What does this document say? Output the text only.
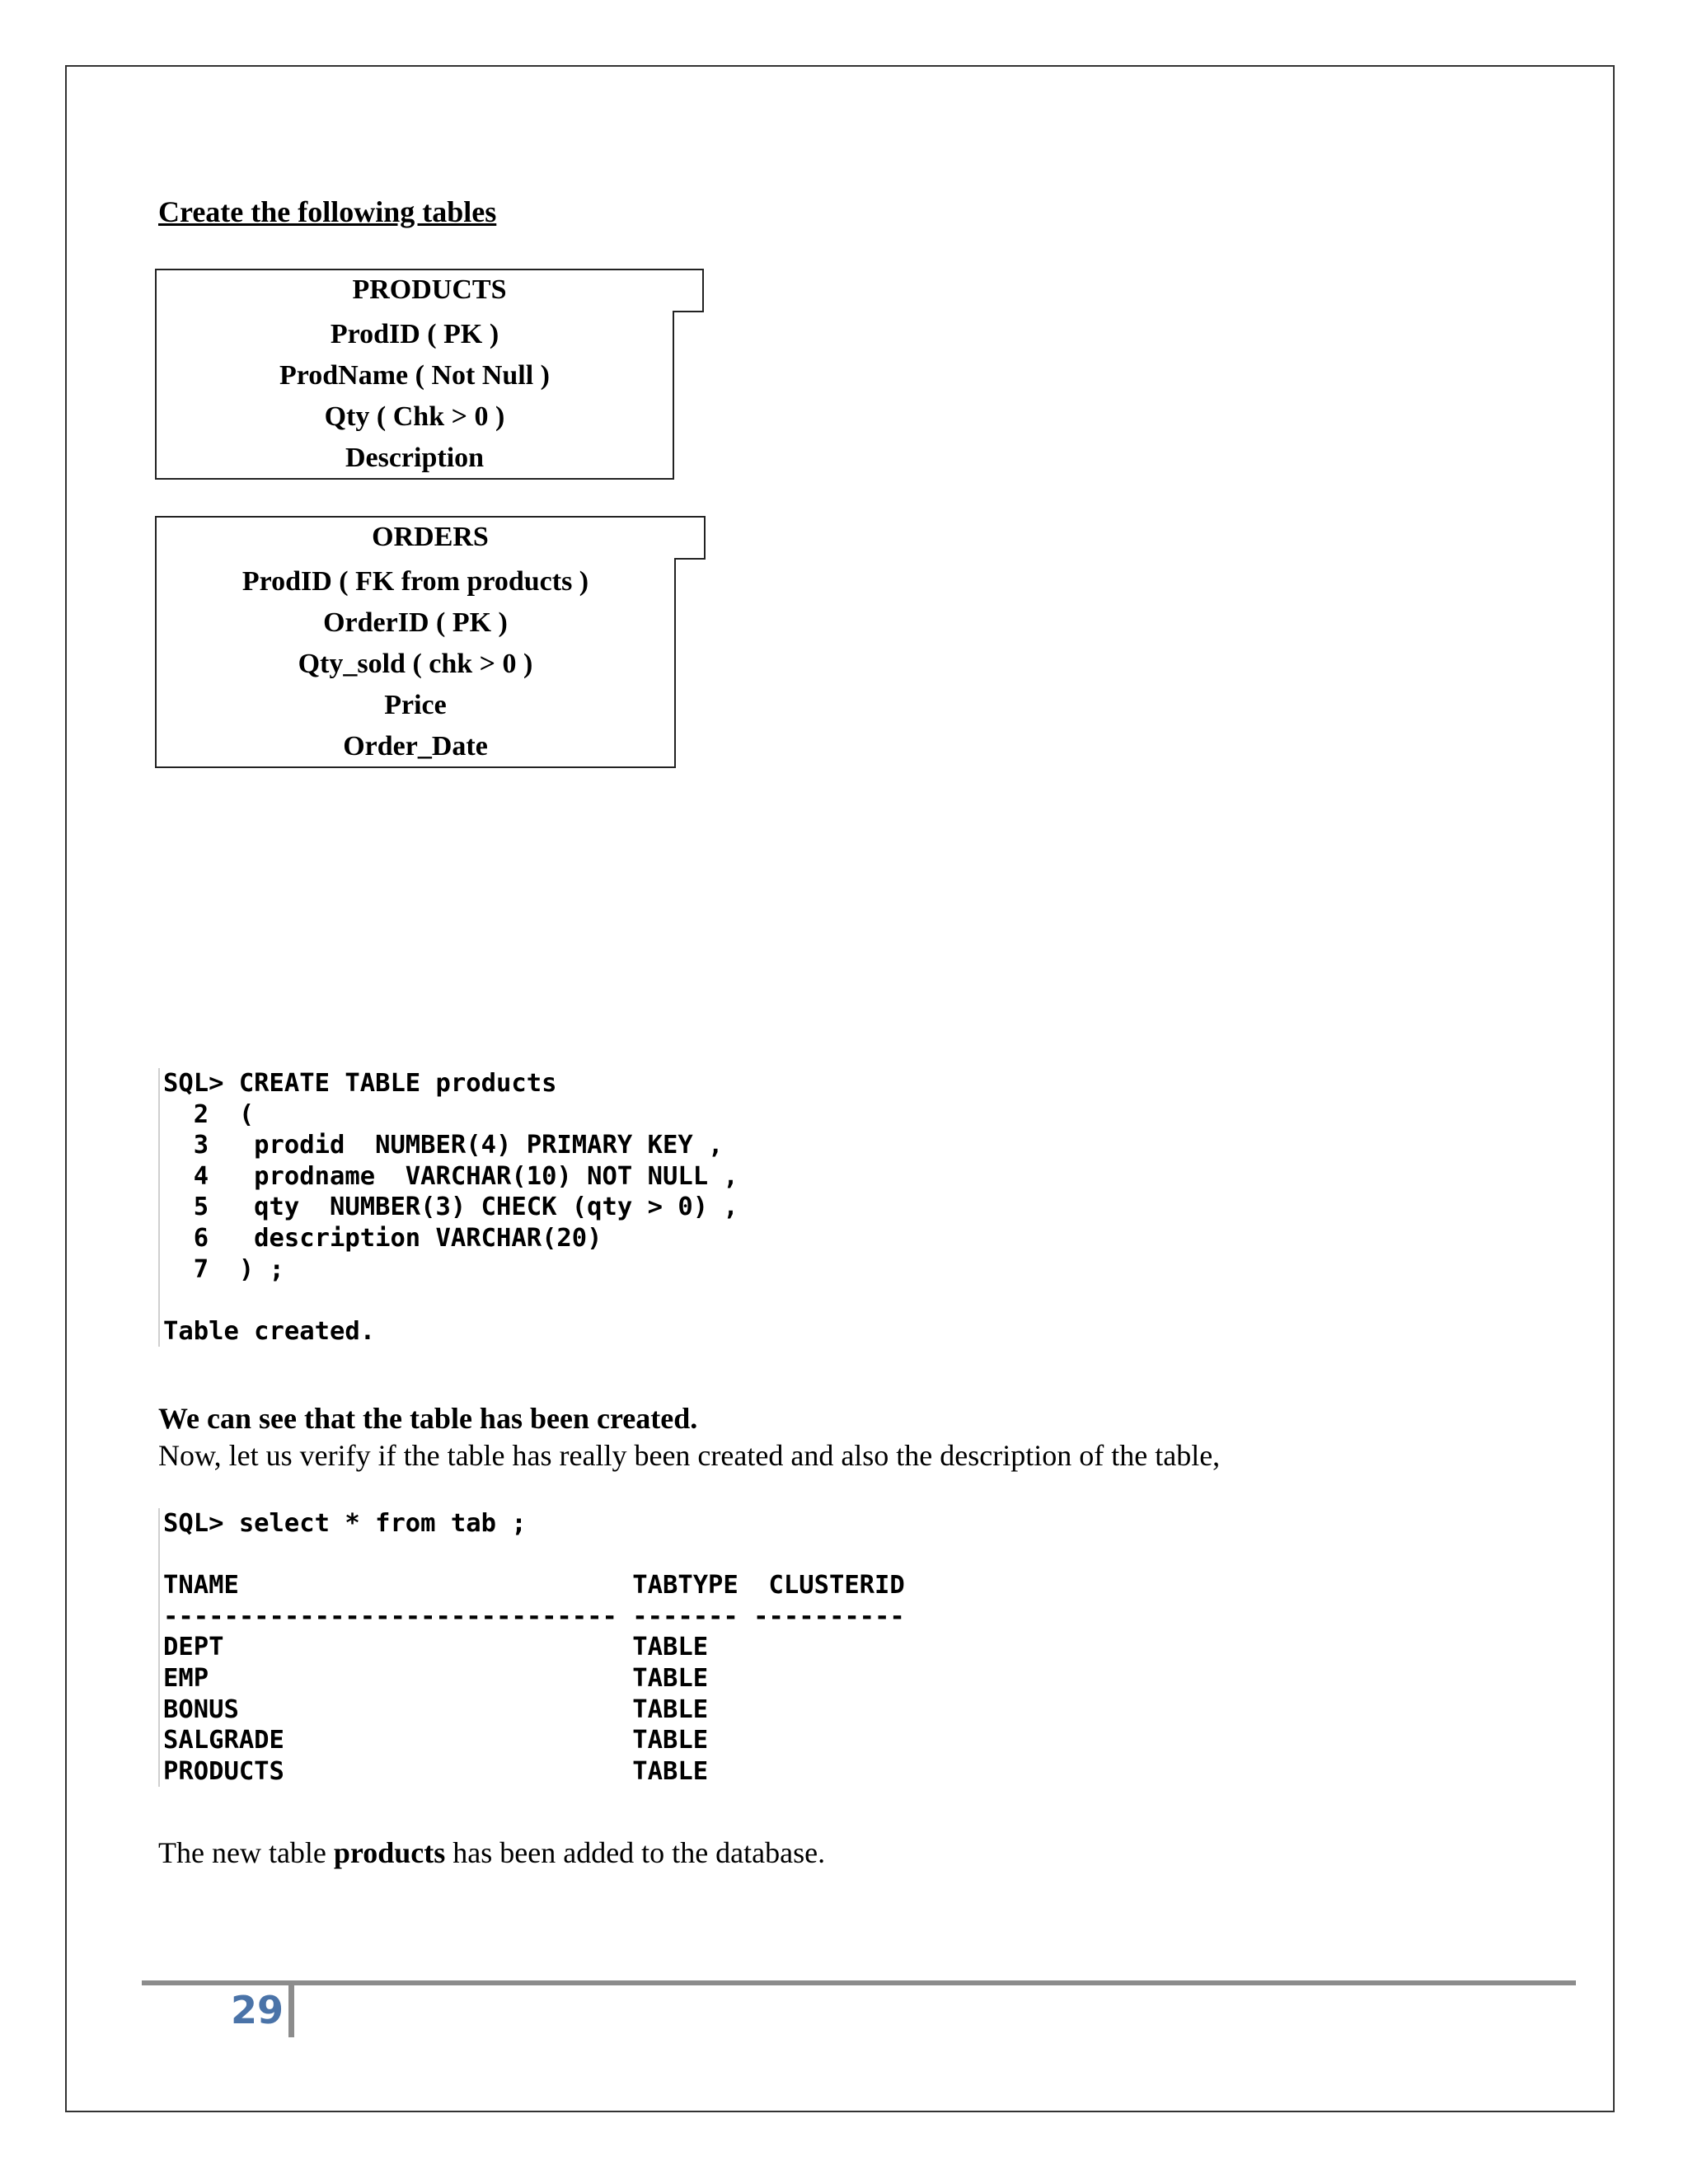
Create the following tables
PRODUCTS
ProdID ( PK )
ProdName ( Not Null )
Qty ( Chk > 0 )
Description
ORDERS
ProdID ( FK from products )
OrderID ( PK )
Qty_sold ( chk > 0 )
Price
Order_Date
SQL> CREATE TABLE products
2  (
3   prodid  NUMBER(4) PRIMARY KEY ,
4   prodname  VARCHAR(10) NOT NULL ,
5   qty  NUMBER(3) CHECK (qty > 0) ,
6   description VARCHAR(20)
7  ) ;

Table created.
We can see that the table has been created.
Now, let us verify if the table has really been created and also the description of the table,
SQL> select * from tab ;

TNAME                          TABTYPE  CLUSTERID
------------------------------ ------- ----------
DEPT                           TABLE
EMP                            TABLE
BONUS                          TABLE
SALGRADE                       TABLE
PRODUCTS                       TABLE
The new table products has been added to the database.
29
